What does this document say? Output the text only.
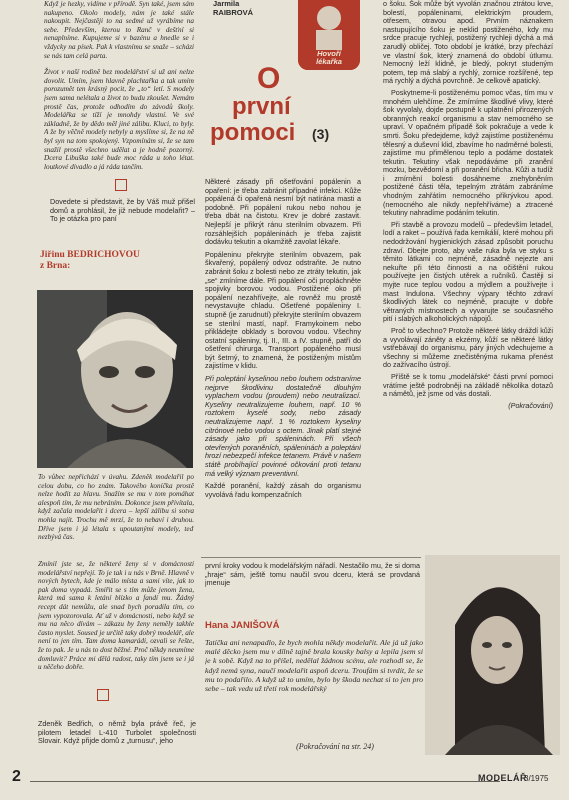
Když je hezky, vidíme v přírodě. Syn také, jsem sám nakupeno. Okolo modely, nám je také stále nakoupit. Nejčastěji to na sedmé už vyrábíme na sebe. Především, kterou to Ranč v dešťní si nenaplníme. Kupujeme si v bazénu a hnedle se i vždycky na písek. Pak k vlastnímu se snaže – schází se nás tam celá parta.

Život v naší rodině bez modelářství si už ani nelze dovolit. Umím, jsem hlavně plachtařka a tak umím porozumět ten krásný pocit, že „to“ letí. S modely jsem sama nelétala a život to budu zkoušet. Nemám prostě čas, protože odhodím do závodů školy. Modelářka se tíží je mnohdy vlastní. Ve své základně, že by dědo měl jiné zálibu. Kluci, to byly. A že by věčně modely nebyly a myslíme si, že na ně byl syn na tom spokojený. Vzpomínám si, že se tam snažil prostě všechno udělat a je hodně pozorný. Dcera Libuška také bude moc ráda u toho létat. loutkové divadlo a já ráda tančím.

Dovedete si představit, že by Váš muž přišel domů a prohlásil, že již nebude modelařit? – To je otázka pro paní

Jiřinu BEDŘICHOVOU
z Brna:

To vůbec nepřichází v úvahu. Zdeněk modelařil po celou dobu, co ho znám. Takového koníčka prostě nelze hodit za hlavu. Snažím se mu v tom pomáhat alespoň tím, že mu nebráním. Dokonce jsem přivítala, když začala modelařit i dcera – lepší zálibu si sotva mohla najít. Trochu mě mrzí, že to nebaví i druhou. Dříve jsem i já létala s upoutanými modely, teď nezbývá čas.

Zmínil jste se, že některé ženy si v domácnosti modelářství nepřejí. To je tak i u nás v Brně. Hlavně v nových bytech, kde je málo místa a sami víte, jak to pak doma vypadá. Smiřit se s tím může jenom žena, která má sama k letání blízko a fandí mu. Žádný recept dát nemůžu, ale snad bych poradila tím, co jsem vypozorovala. Ať už v domácnosti, nebo když se mu na něco dívám – zákazu by ženy neměly takhle často myslet. Soused je určitě taky dobrý modelář, ale není to jen tím. Tam doma kamarádi, ozvali se řešte, že to pak. Je u nás to dost běžné. Proč někdy neumíme domluvit? Práce mi dělá radost, taky tím jsem se i já u něčeho dobře.

Zdeněk Bedřich, o němž byla právě řeč, je pilotem letadel L-410 Turbolet společnosti Slovair. Když přijde domů z „turnusu“, jeho

Jarmila
RAIBROVÁ
Hovoří
lékařka
O
první
pomoci (3)

Některé zásady při ošetřování popálenin a opaření: je třeba zabránit případné infekci. Kůže popálená či opařená nesmí být natírána masti a podobně. Při popálení rukou nebo nohou je třeba dbát na čistotu. Krev je dobré zastavit. Nejlepší je přikrýt ránu sterilním obvazem. Při rozsáhlejších popáleninách je třeba zajistit dodávku tekutin a okamžitě zavolat lékaře.

Popáleninu překryjte sterilním obvazem, pak škvařený, popálený odvoz odstraňte. Je nutno zabránit šoku z bolesti nebo ze ztráty tekutin, jak „se“ zmíníme dále. Při popálení oči propláchněte spojivky borovou vodou. Postižené oko při popálení nezahřívejte, ale rovněž mu prostě nevystavujte chladu. Ošetřené popáleniny I. stupně (je zarudnutí) překryjte sterilním obvazem se sterilní mastí, např. Framykoinem nebo přikládejte obklady s borovou vodou. Všechny ostatní spáleniny, tj. II., III. a IV. stupně, patří do ošetření chirurga. Transport popáleného musí být šetrný, to znamená, že postiženým místům zajistíme v klidu.

Při poleptání kyselinou nebo louhem odstraníme nejprve škodlivinu dostatečně dlouhým vyplachem vodou (proudem) nebo neutralizací. Kyseliny neutralizujeme louhem, např. 10 % roztokem kyselé sody, nebo zásady neutralizujeme např. 1 % roztokem kyseliny citrónové nebo vodou s octem. Jinak platí stejné zásady jako při spáleninách. Při všech otevřených poraněních, spáleninách a poleptání hrozí nebezpečí infekce tetanem. Právě v našem státě probíhající povinné očkování proti tetanu má velký význam preventivní.

Každé poranění, každý zásah do organismu vyvolává řadu kompenzačních

o šoku. Šok může být vyvolán značnou ztrátou krve, bolestí, popáleninami, elektrickým proudem, otřesem, otravou apod. Prvním náznakem nastupujícího šoku je neklid postiženého, kdy mu srdce pracuje rychleji, postižený rychleji dýchá a má zarudlý obličej. Toto období je krátké, brzy přechází ve vlastní šok, který znamená do období útlumu. Nemocný leží klidně, je bledý, pokryt studeným potem, tep má slabý a rychlý, zornice rozšířené, tep má rychlý a dýchá povrchně. Je celkově apatický.

Poskytneme-li postiženému pomoc včas, tím mu v mnohém ulehčíme. Že zmírníme škodlivé vlivy, které šok vyvolaly, dojde postupně k uplatnění přirozených obranných reakcí organismu a stav nemocného se upraví. V opačném případě šok pokračuje a vede k smrti. Šoku předejdeme, když zajistíme postiženému tělesný a duševní klid, zbavíme ho nadměrné bolesti, zajistíme mu přimělenou teplo a podáme dostatek tekutin. Tekutiny však nepodáváme při zranění mozku, bezvědomí a při poranění břicha. Kůži a tudíž i zmírnění bolesti dosáhneme znehybněním postižené části těla, tepelným ztrátám zabráníme vhodným zahřátím nemocného přikrývkou apod. (nemocného ale nikdy nepřehříváme) a ztracené tekutiny nahradíme podáním tekutin.

Při stavbě a provozu modelů – především letadel, lodí a raket – používá řada kemikálií, které mohou při nedodržování hygienických zásad způsobit poruchu zdraví. Dbejte proto, aby vaše ruka byla ve styku s těmito látkami co nejméně, zásadně nejezte ani nekuřte při této činnosti a na očištění rukou používejte jen čistých utěrek a ručníků. Častěji si myjte ruce teplou vodou a mýdlem a používejte i mast Indulona. Všechny výpary těchto zdraví škodlivých látek co nejméně, pracujte v dobře větraných místnostech a vyvarujte se současného pití i slabých alkoholických nápojů.

Proč to všechno? Protože některé látky dráždí kůži a vyvolávají záněty a ekzémy, kůží se některé látky vstřebávají do organismu, páry jiných vdechujeme a všechny si můžeme znečistěnýma rukama přenést do zažívacího ústrojí.

Příště se k tomu „modelářské“ části první pomoci vrátíme ještě podrobněji na základě několika dotazů a námětů, jež jsme od vás dostali.

(Pokračování)

první kroky vodou k modelářským nářadí. Nestačilo mu, že si doma „hraje“ sám, ještě tomu naučil svou dceru, která se provdaná jmenuje

Hana JANIŠOVÁ

Tatíčka ani nenapadlo, že bych mohla někdy modelařit. Ale já už jako malé děcko jsem mu v dílně tajně brala kousky balsy a lepila jsem si je k sobě. Když na to přišel, nedělal žádnou scénu, ale rozhodl se, že když nemá syna, naučí modelařit aspoň dceru. Troufám si tvrdit, že se mu to podařilo. A když už to umím, bylo by škoda nechat si to jen pro sebe – tak vedu už třetí rok modelářský

(Pokračování na str. 24)
2	MODELÁŘ
3/1975
